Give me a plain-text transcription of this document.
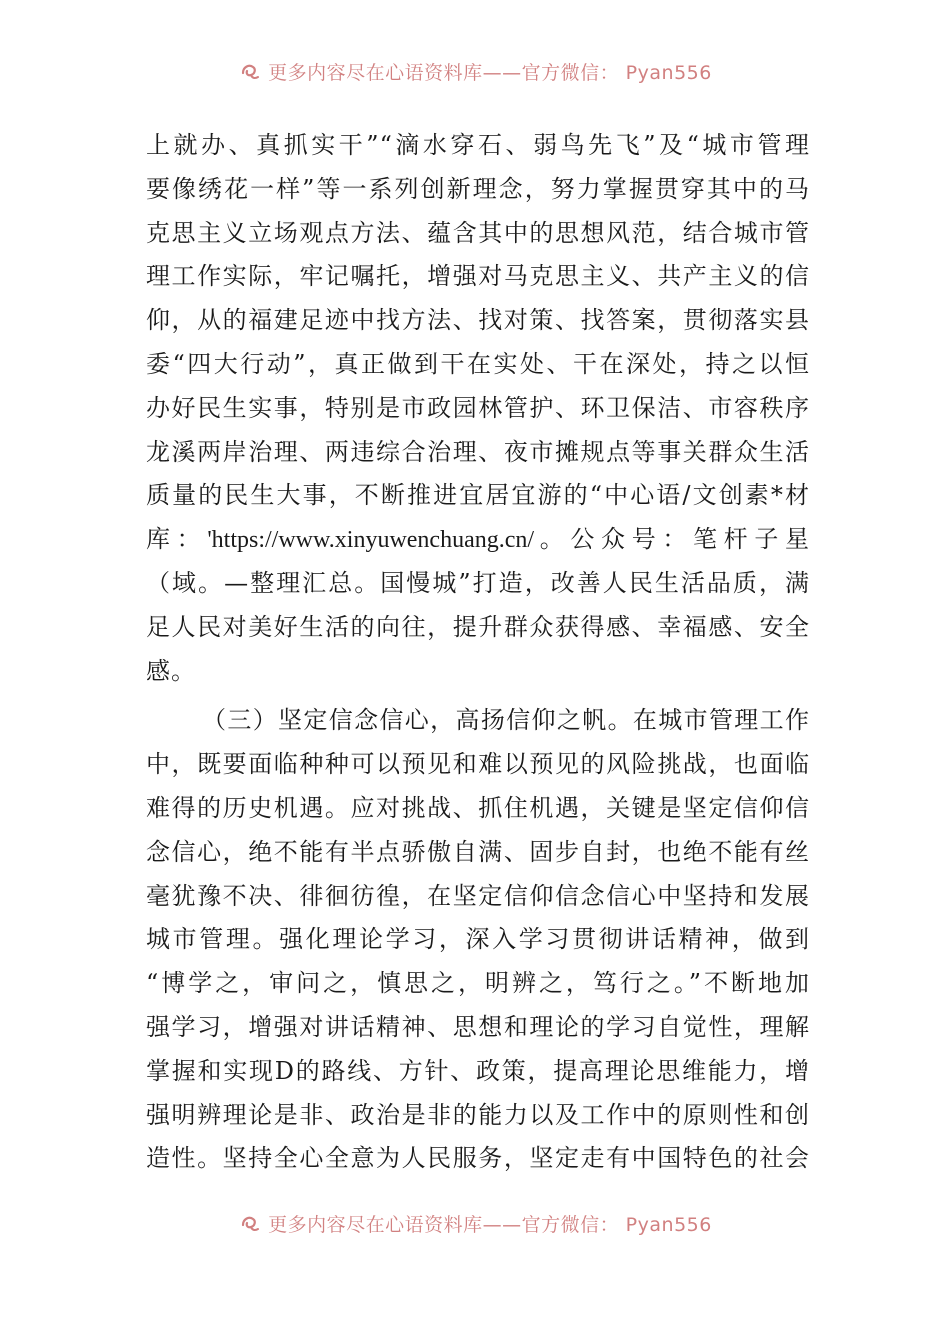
更多内容尽在心语资料库——官方微信： Pyan556
上就办、真抓实干”“滴水穿石、弱鸟先飞”及“城市管理
要像绣花一样”等一系列创新理念，努力掌握贯穿其中的马
克思主义立场观点方法、蕴含其中的思想风范，结合城市管
理工作实际，牢记嘱托，增强对马克思主义、共产主义的信
仰，从的福建足迹中找方法、找对策、找答案，贯彻落实县
委“四大行动”，真正做到干在实处、干在深处，持之以恒
办好民生实事，特别是市政园林管护、环卫保洁、市容秩序
龙溪两岸治理、两违综合治理、夜市摊规点等事关群众生活
质量的民生大事，不断推进宜居宜游的“中心语/文创素*材
库：'https://www.xinyuwenchuang.cn/。公众号：笔杆子星
（域。—整理汇总。国慢城”打造，改善人民生活品质，满
足人民对美好生活的向往，提升群众获得感、幸福感、安全
感。
（三）坚定信念信心，高扬信仰之帆。在城市管理工作
中，既要面临种种可以预见和难以预见的风险挑战，也面临
难得的历史机遇。应对挑战、抓住机遇，关键是坚定信仰信
念信心，绝不能有半点骄傲自满、固步自封，也绝不能有丝
毫犹豫不决、徘徊彷徨，在坚定信仰信念信心中坚持和发展
城市管理。强化理论学习，深入学习贯彻讲话精神，做到
“博学之，审问之，慎思之，明辨之，笃行之。”不断地加
强学习，增强对讲话精神、思想和理论的学习自觉性，理解
掌握和实现D的路线、方针、政策，提高理论思维能力，增
强明辨理论是非、政治是非的能力以及工作中的原则性和创
造性。坚持全心全意为人民服务，坚定走有中国特色的社会
更多内容尽在心语资料库——官方微信： Pyan556
